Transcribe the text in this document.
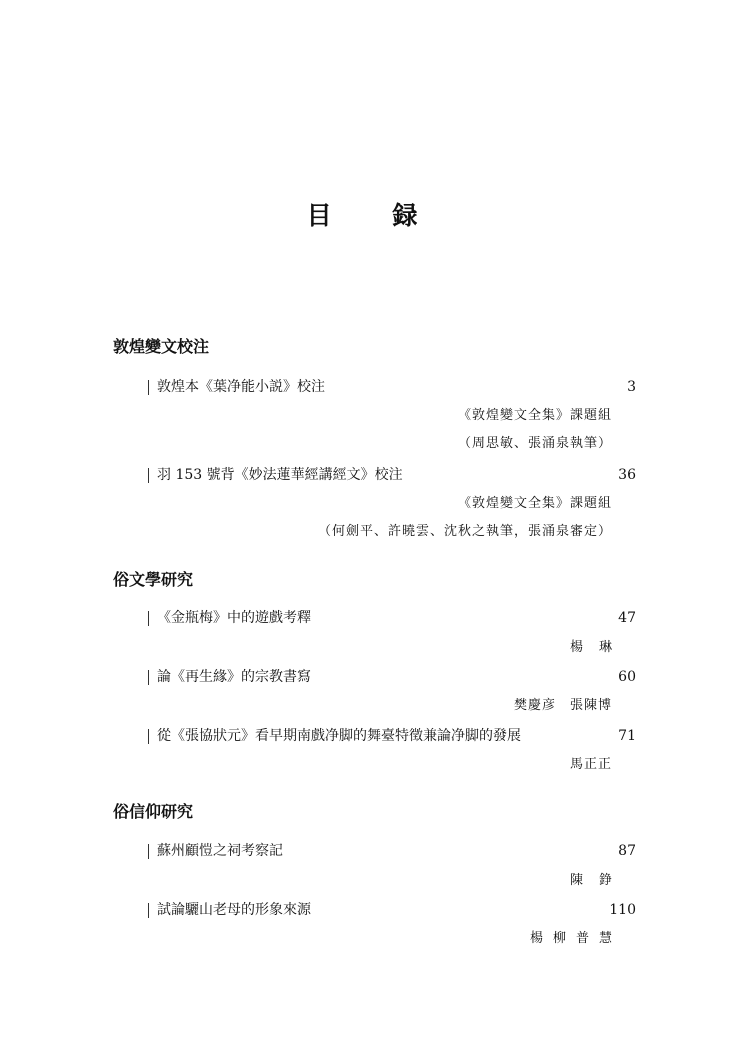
目 録
敦煌變文校注
敦煌本《葉净能小説》校注	3
《敦煌變文全集》課題組
（周思敏、張涌泉執筆）
羽 153 號背《妙法蓮華經講經文》校注	36
《敦煌變文全集》課題組
（何劍平、許曉雲、沈秋之執筆，張涌泉審定）
俗文學研究
《金瓶梅》中的遊戲考釋	47
楊琳
論《再生緣》的宗教書寫	60
樊慶彦　張陳博
從《張協狀元》看早期南戲净脚的舞臺特徵兼論净脚的發展	71
馬正正
俗信仰研究
蘇州顧愷之祠考察記	87
陳錚
試論驪山老母的形象來源	110
楊柳普慧
